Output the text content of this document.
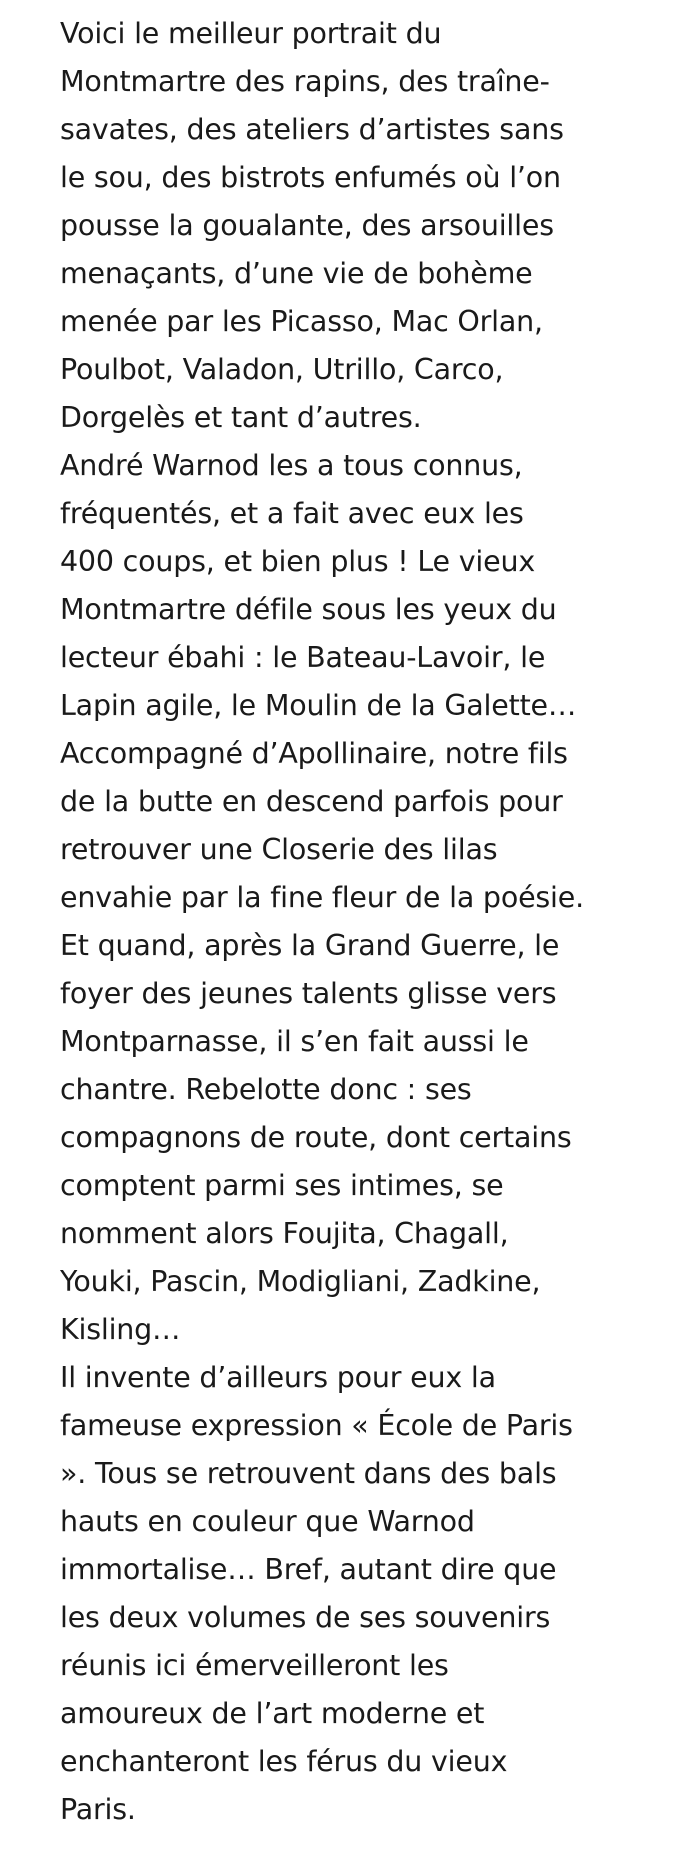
Voici le meilleur portrait du
Montmartre des rapins, des traîne-
savates, des ateliers d’artistes sans
le sou, des bistrots enfumés où l’on
pousse la goualante, des arsouilles
menaçants, d’une vie de bohème
menée par les Picasso, Mac Orlan,
Poulbot, Valadon, Utrillo, Carco,
Dorgelès et tant d’autres.
André Warnod les a tous connus,
fréquentés, et a fait avec eux les
400 coups, et bien plus ! Le vieux
Montmartre défile sous les yeux du
lecteur ébahi : le Bateau-Lavoir, le
Lapin agile, le Moulin de la Galette…
Accompagné d’Apollinaire, notre fils
de la butte en descend parfois pour
retrouver une Closerie des lilas
envahie par la fine fleur de la poésie.
Et quand, après la Grand Guerre, le
foyer des jeunes talents glisse vers
Montparnasse, il s’en fait aussi le
chantre. Rebelotte donc : ses
compagnons de route, dont certains
comptent parmi ses intimes, se
nomment alors Foujita, Chagall,
Youki, Pascin, Modigliani, Zadkine,
Kisling…
Il invente d’ailleurs pour eux la
fameuse expression « École de Paris
». Tous se retrouvent dans des bals
hauts en couleur que Warnod
immortalise… Bref, autant dire que
les deux volumes de ses souvenirs
réunis ici émerveilleront les
amoureux de l’art moderne et
enchanteront les férus du vieux
Paris.
